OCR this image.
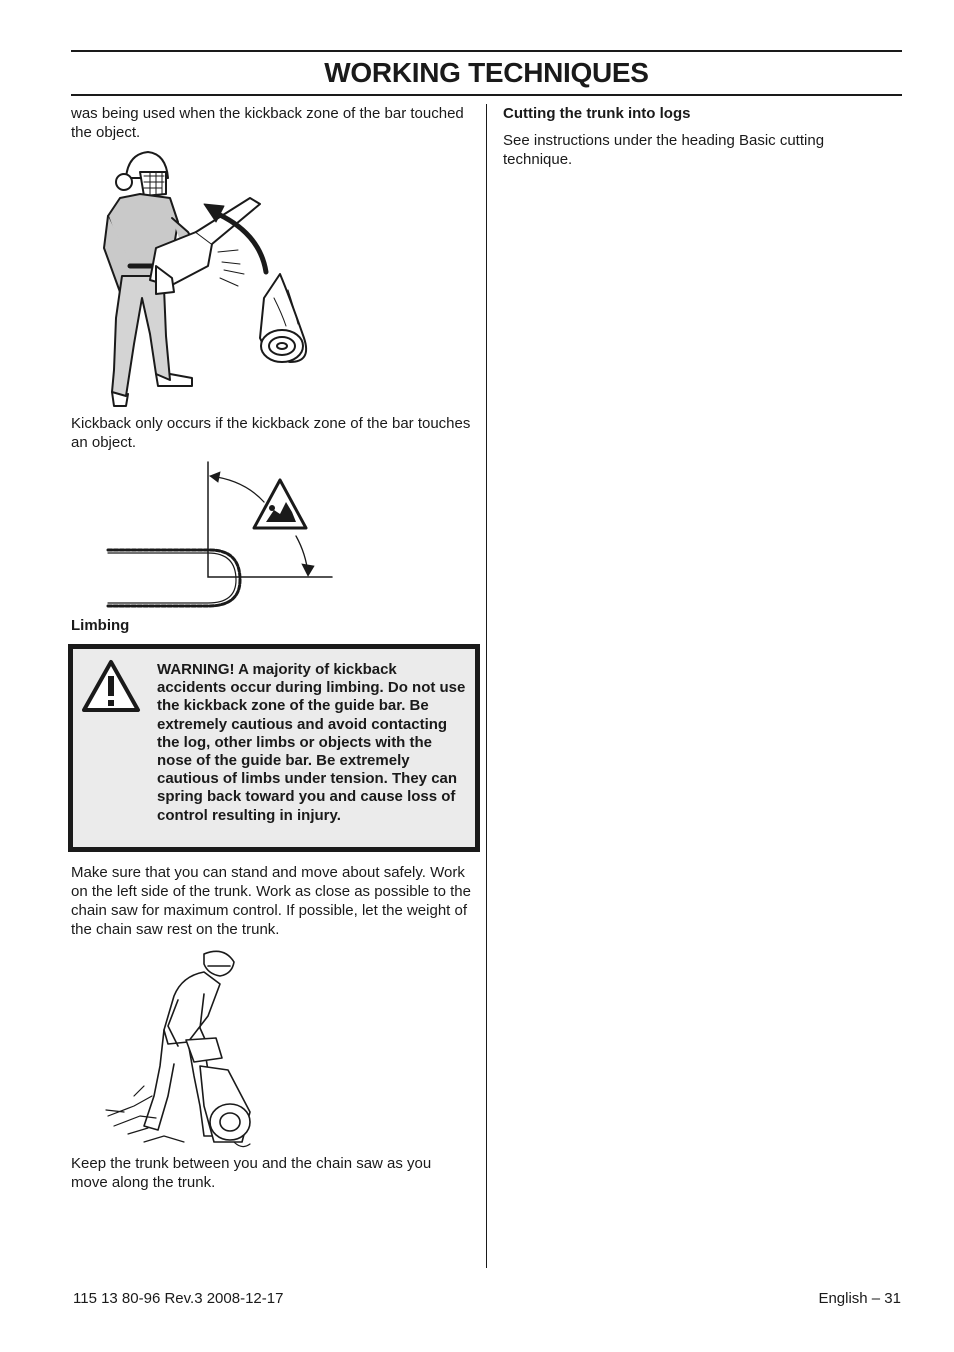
WORKING TECHNIQUES

was being used when the kickback zone of the bar touched the object.

Kickback only occurs if the kickback zone of the bar touches an object.

Limbing

WARNING! A majority of kickback accidents occur during limbing. Do not use the kickback zone of the guide bar. Be extremely cautious and avoid contacting the log, other limbs or objects with the nose of the guide bar. Be extremely cautious of limbs under tension. They can spring back toward you and cause loss of control resulting in injury.

Make sure that you can stand and move about safely. Work on the left side of the trunk. Work as close as possible to the chain saw for maximum control. If possible, let the weight of the chain saw rest on the trunk.

Keep the trunk between you and the chain saw as you move along the trunk.

Cutting the trunk into logs

See instructions under the heading Basic cutting technique.

115 13 80-96 Rev.3 2008-12-17	English – 31
